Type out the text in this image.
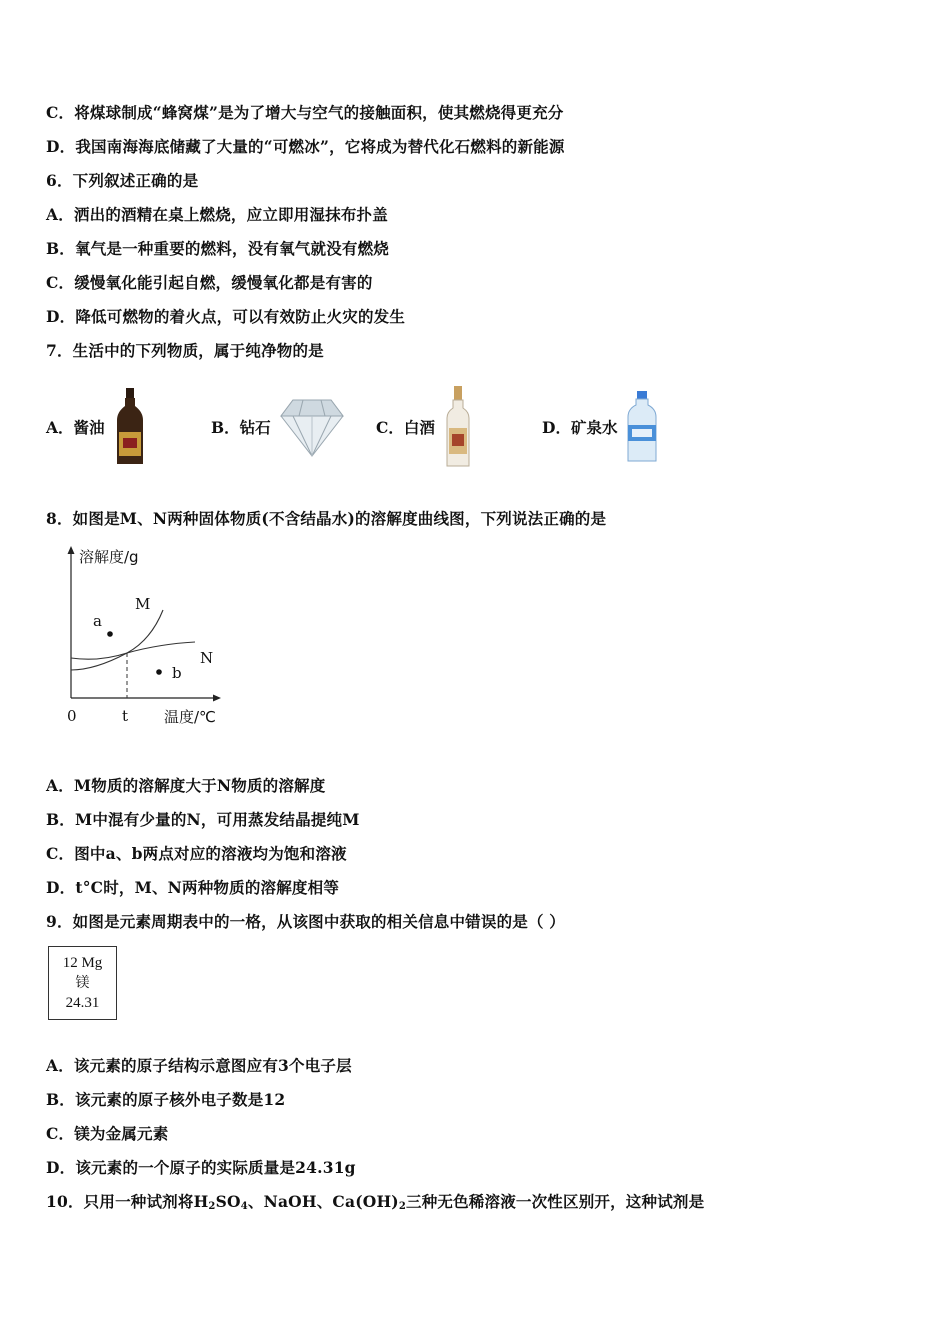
C．将煤球制成“蜂窝煤”是为了增大与空气的接触面积，使其燃烧得更充分
D．我国南海海底储藏了大量的“可燃冰”，它将成为替代化石燃料的新能源
6．下列叙述正确的是
A．洒出的酒精在桌上燃烧，应立即用湿抹布扑盖
B．氧气是一种重要的燃料，没有氧气就没有燃烧
C．缓慢氧化能引起自燃，缓慢氧化都是有害的
D．降低可燃物的着火点，可以有效防止火灾的发生
7．生活中的下列物质，属于纯净物的是
A．酱油	B．钻石	C．白酒	D．矿泉水
8．如图是M、N两种固体物质(不含结晶水)的溶解度曲线图，下列说法正确的是
溶解度/g
M
a
N
b
0	t 温度/℃
A．M物质的溶解度大于N物质的溶解度
B．M中混有少量的N，可用蒸发结晶提纯M
C．图中a、b两点对应的溶液均为饱和溶液
D．t°C时，M、N两种物质的溶解度相等
9．如图是元素周期表中的一格，从该图中获取的相关信息中错误的是（ ）
12 Mg
镁
24.31
A．该元素的原子结构示意图应有3个电子层
B．该元素的原子核外电子数是12
C．镁为金属元素
D．该元素的一个原子的实际质量是24.31g
10．只用一种试剂将$H_2SO_4$、NaOH、$Ca(OH)_2$三种无色稀溶液一次性区别开，这种试剂是
